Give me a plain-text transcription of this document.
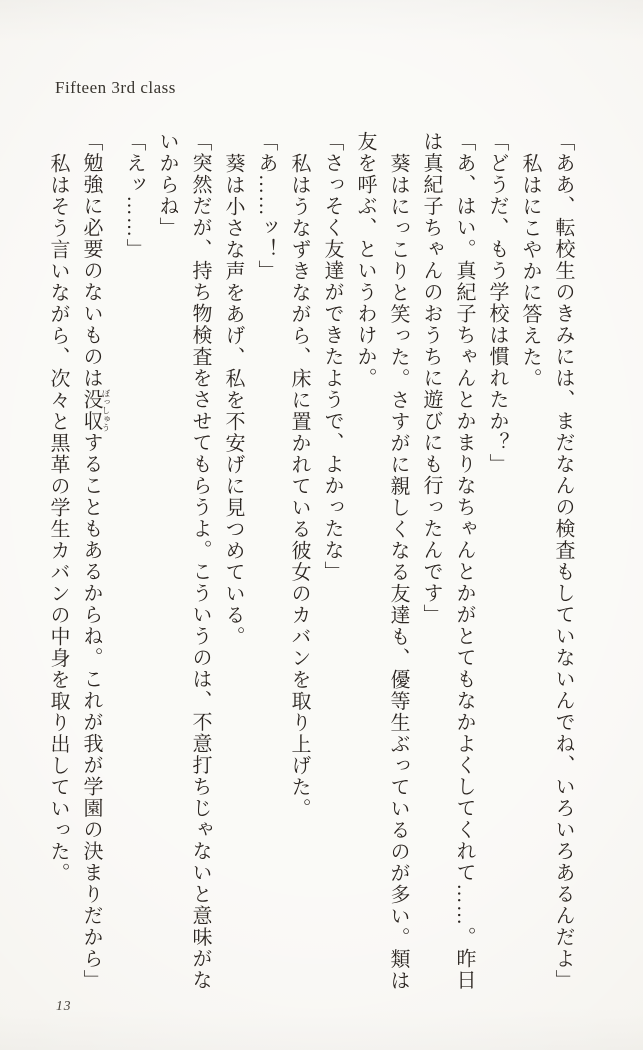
Fifteen 3rd class
「ああ、転校生のきみには、まだなんの検査もしていないんでね、いろいろあるんだよ」
私はにこやかに答えた。
「どうだ、もう学校は慣れたか？」
「あ、はい。真紀子ちゃんとかまりなちゃんとかがとてもなかよくしてくれて……。昨日
は真紀子ちゃんのおうちに遊びにも行ったんです」
葵はにっこりと笑った。さすがに親しくなる友達も、優等生ぶっているのが多い。類は
友を呼ぶ、というわけか。
「さっそく友達ができたようで、よかったな」
私はうなずきながら、床に置かれている彼女のカバンを取り上げた。
「あ……ッ！」
葵は小さな声をあげ、私を不安げに見つめている。
「突然だが、持ち物検査をさせてもらうよ。こういうのは、不意打ちじゃないと意味がな
いからね」
「えッ……」
「勉強に必要のないものは没収 ぼっしゅうすることもあるからね。これが我が学園の決まりだから」
私はそう言いながら、次々と黒革の学生カバンの中身を取り出していった。
13
